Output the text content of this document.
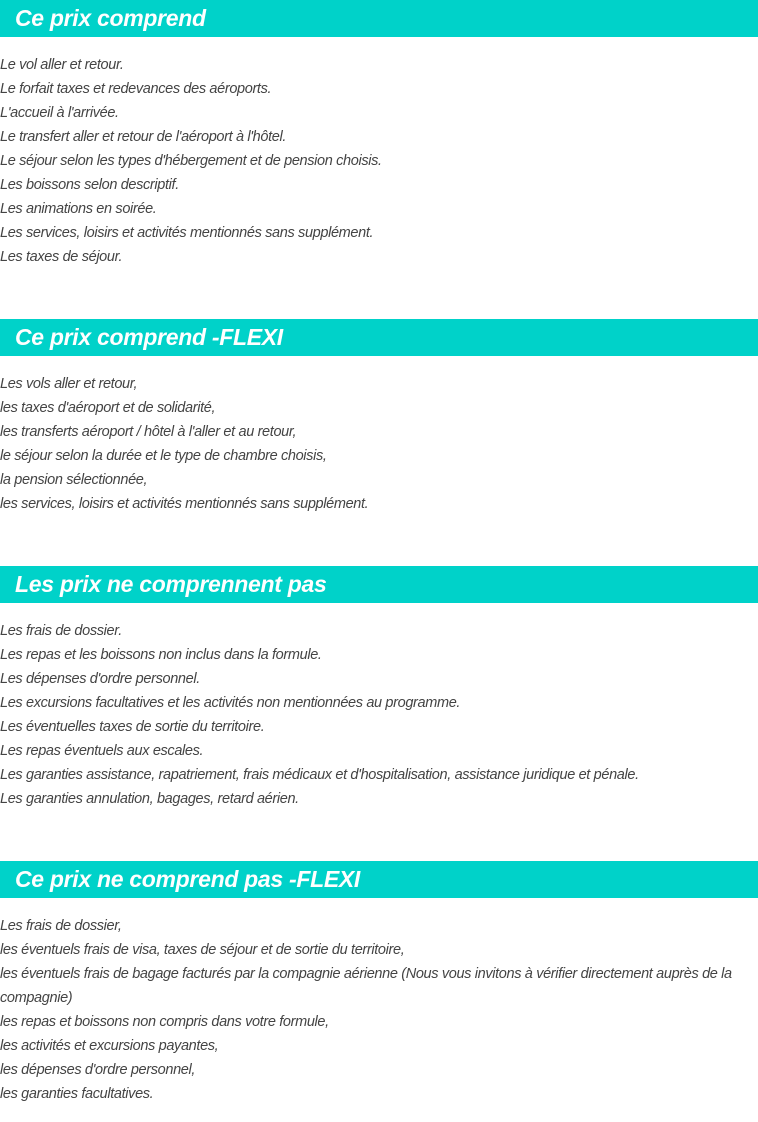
Ce prix comprend
Le vol aller et retour.
Le forfait taxes et redevances des aéroports.
L'accueil à l'arrivée.
Le transfert aller et retour de l'aéroport à l'hôtel.
Le séjour selon les types d'hébergement et de pension choisis.
Les boissons selon descriptif.
Les animations en soirée.
Les services, loisirs et activités mentionnés sans supplément.
Les taxes de séjour.
Ce prix comprend -FLEXI
Les vols aller et retour,
les taxes d'aéroport et de solidarité,
les transferts aéroport / hôtel à l'aller et au retour,
le séjour selon la durée et le type de chambre choisis,
la pension sélectionnée,
les services, loisirs et activités mentionnés sans supplément.
Les prix ne comprennent pas
Les frais de dossier.
Les repas et les boissons non inclus dans la formule.
Les dépenses d'ordre personnel.
Les excursions facultatives et les activités non mentionnées au programme.
Les éventuelles taxes de sortie du territoire.
Les repas éventuels aux escales.
Les garanties assistance, rapatriement, frais médicaux et d'hospitalisation, assistance juridique et pénale.
Les garanties annulation, bagages, retard aérien.
Ce prix ne comprend pas -FLEXI
Les frais de dossier,
les éventuels frais de visa, taxes de séjour et de sortie du territoire,
les éventuels frais de bagage facturés par la compagnie aérienne (Nous vous invitons à vérifier directement auprès de la compagnie)
les repas et boissons non compris dans votre formule,
les activités et excursions payantes,
les dépenses d'ordre personnel,
les garanties facultatives.
